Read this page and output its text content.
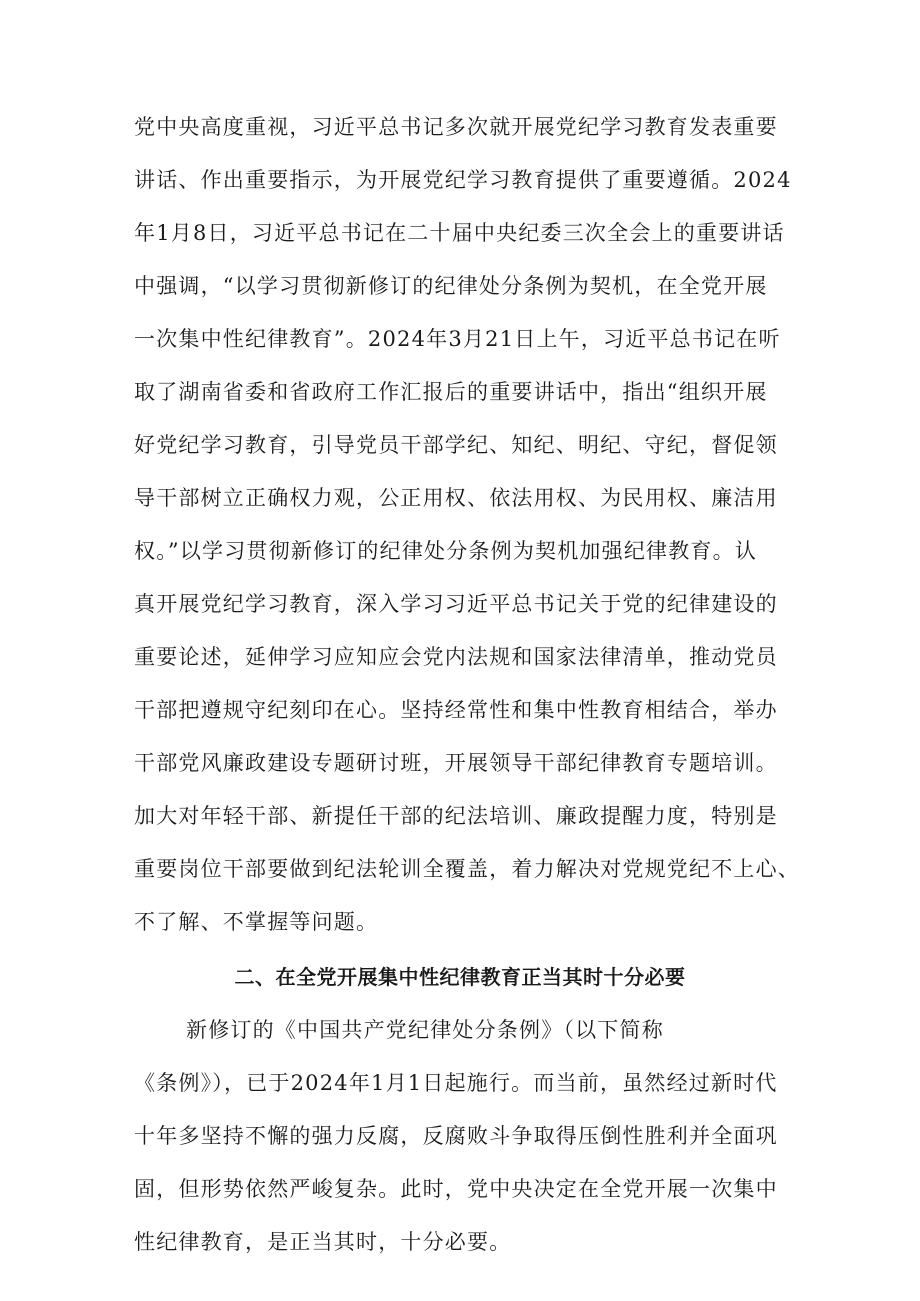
党中央高度重视，习近平总书记多次就开展党纪学习教育发表重要
讲话、作出重要指示，为开展党纪学习教育提供了重要遵循。2024
年1月8日，习近平总书记在二十届中央纪委三次全会上的重要讲话
中强调，“以学习贯彻新修订的纪律处分条例为契机，在全党开展
一次集中性纪律教育”。2024年3月21日上午，习近平总书记在听
取了湖南省委和省政府工作汇报后的重要讲话中，指出“组织开展
好党纪学习教育，引导党员干部学纪、知纪、明纪、守纪，督促领
导干部树立正确权力观，公正用权、依法用权、为民用权、廉洁用
权。”以学习贯彻新修订的纪律处分条例为契机加强纪律教育。认
真开展党纪学习教育，深入学习习近平总书记关于党的纪律建设的
重要论述，延伸学习应知应会党内法规和国家法律清单，推动党员
干部把遵规守纪刻印在心。坚持经常性和集中性教育相结合，举办
干部党风廉政建设专题研讨班，开展领导干部纪律教育专题培训。
加大对年轻干部、新提任干部的纪法培训、廉政提醒力度，特别是
重要岗位干部要做到纪法轮训全覆盖，着力解决对党规党纪不上心、
不了解、不掌握等问题。
二、在全党开展集中性纪律教育正当其时十分必要
新修订的《中国共产党纪律处分条例》（以下简称
《条例》），已于2024年1月1日起施行。而当前，虽然经过新时代
十年多坚持不懈的强力反腐，反腐败斗争取得压倒性胜利并全面巩
固，但形势依然严峻复杂。此时，党中央决定在全党开展一次集中
性纪律教育，是正当其时，十分必要。
